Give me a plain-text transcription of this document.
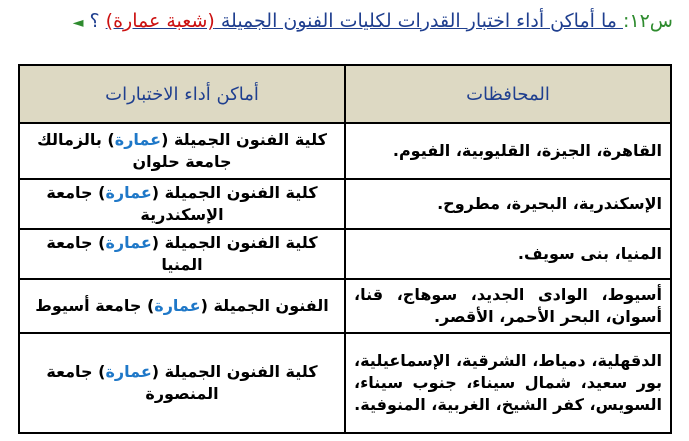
س١٢: ما أماكن أداء اختبار القدرات لكليات الفنون الجميلة (شعبة عمارة) ؟ ◄
المحافظات	أماكن أداء الاختبارات
القاهرة، الجيزة، القليوبية، الفيوم.	كلية الفنون الجميلة (عمارة) بالزمالك جامعة حلوان
الإسكندرية، البحيرة، مطروح.	كلية الفنون الجميلة (عمارة) جامعة الإسكندرية
المنيا، بنى سويف.	كلية الفنون الجميلة (عمارة) جامعة المنيا
أسيوط، الوادى الجديد، سوهاج، قنا، أسوان، البحر الأحمر، الأقصر.	الفنون الجميلة (عمارة) جامعة أسيوط
الدقهلية، دمياط، الشرقية، الإسماعيلية، بور سعيد، شمال سيناء، جنوب سيناء، السويس، كفر الشيخ، الغربية، المنوفية.	كلية الفنون الجميلة (عمارة) جامعة المنصورة
